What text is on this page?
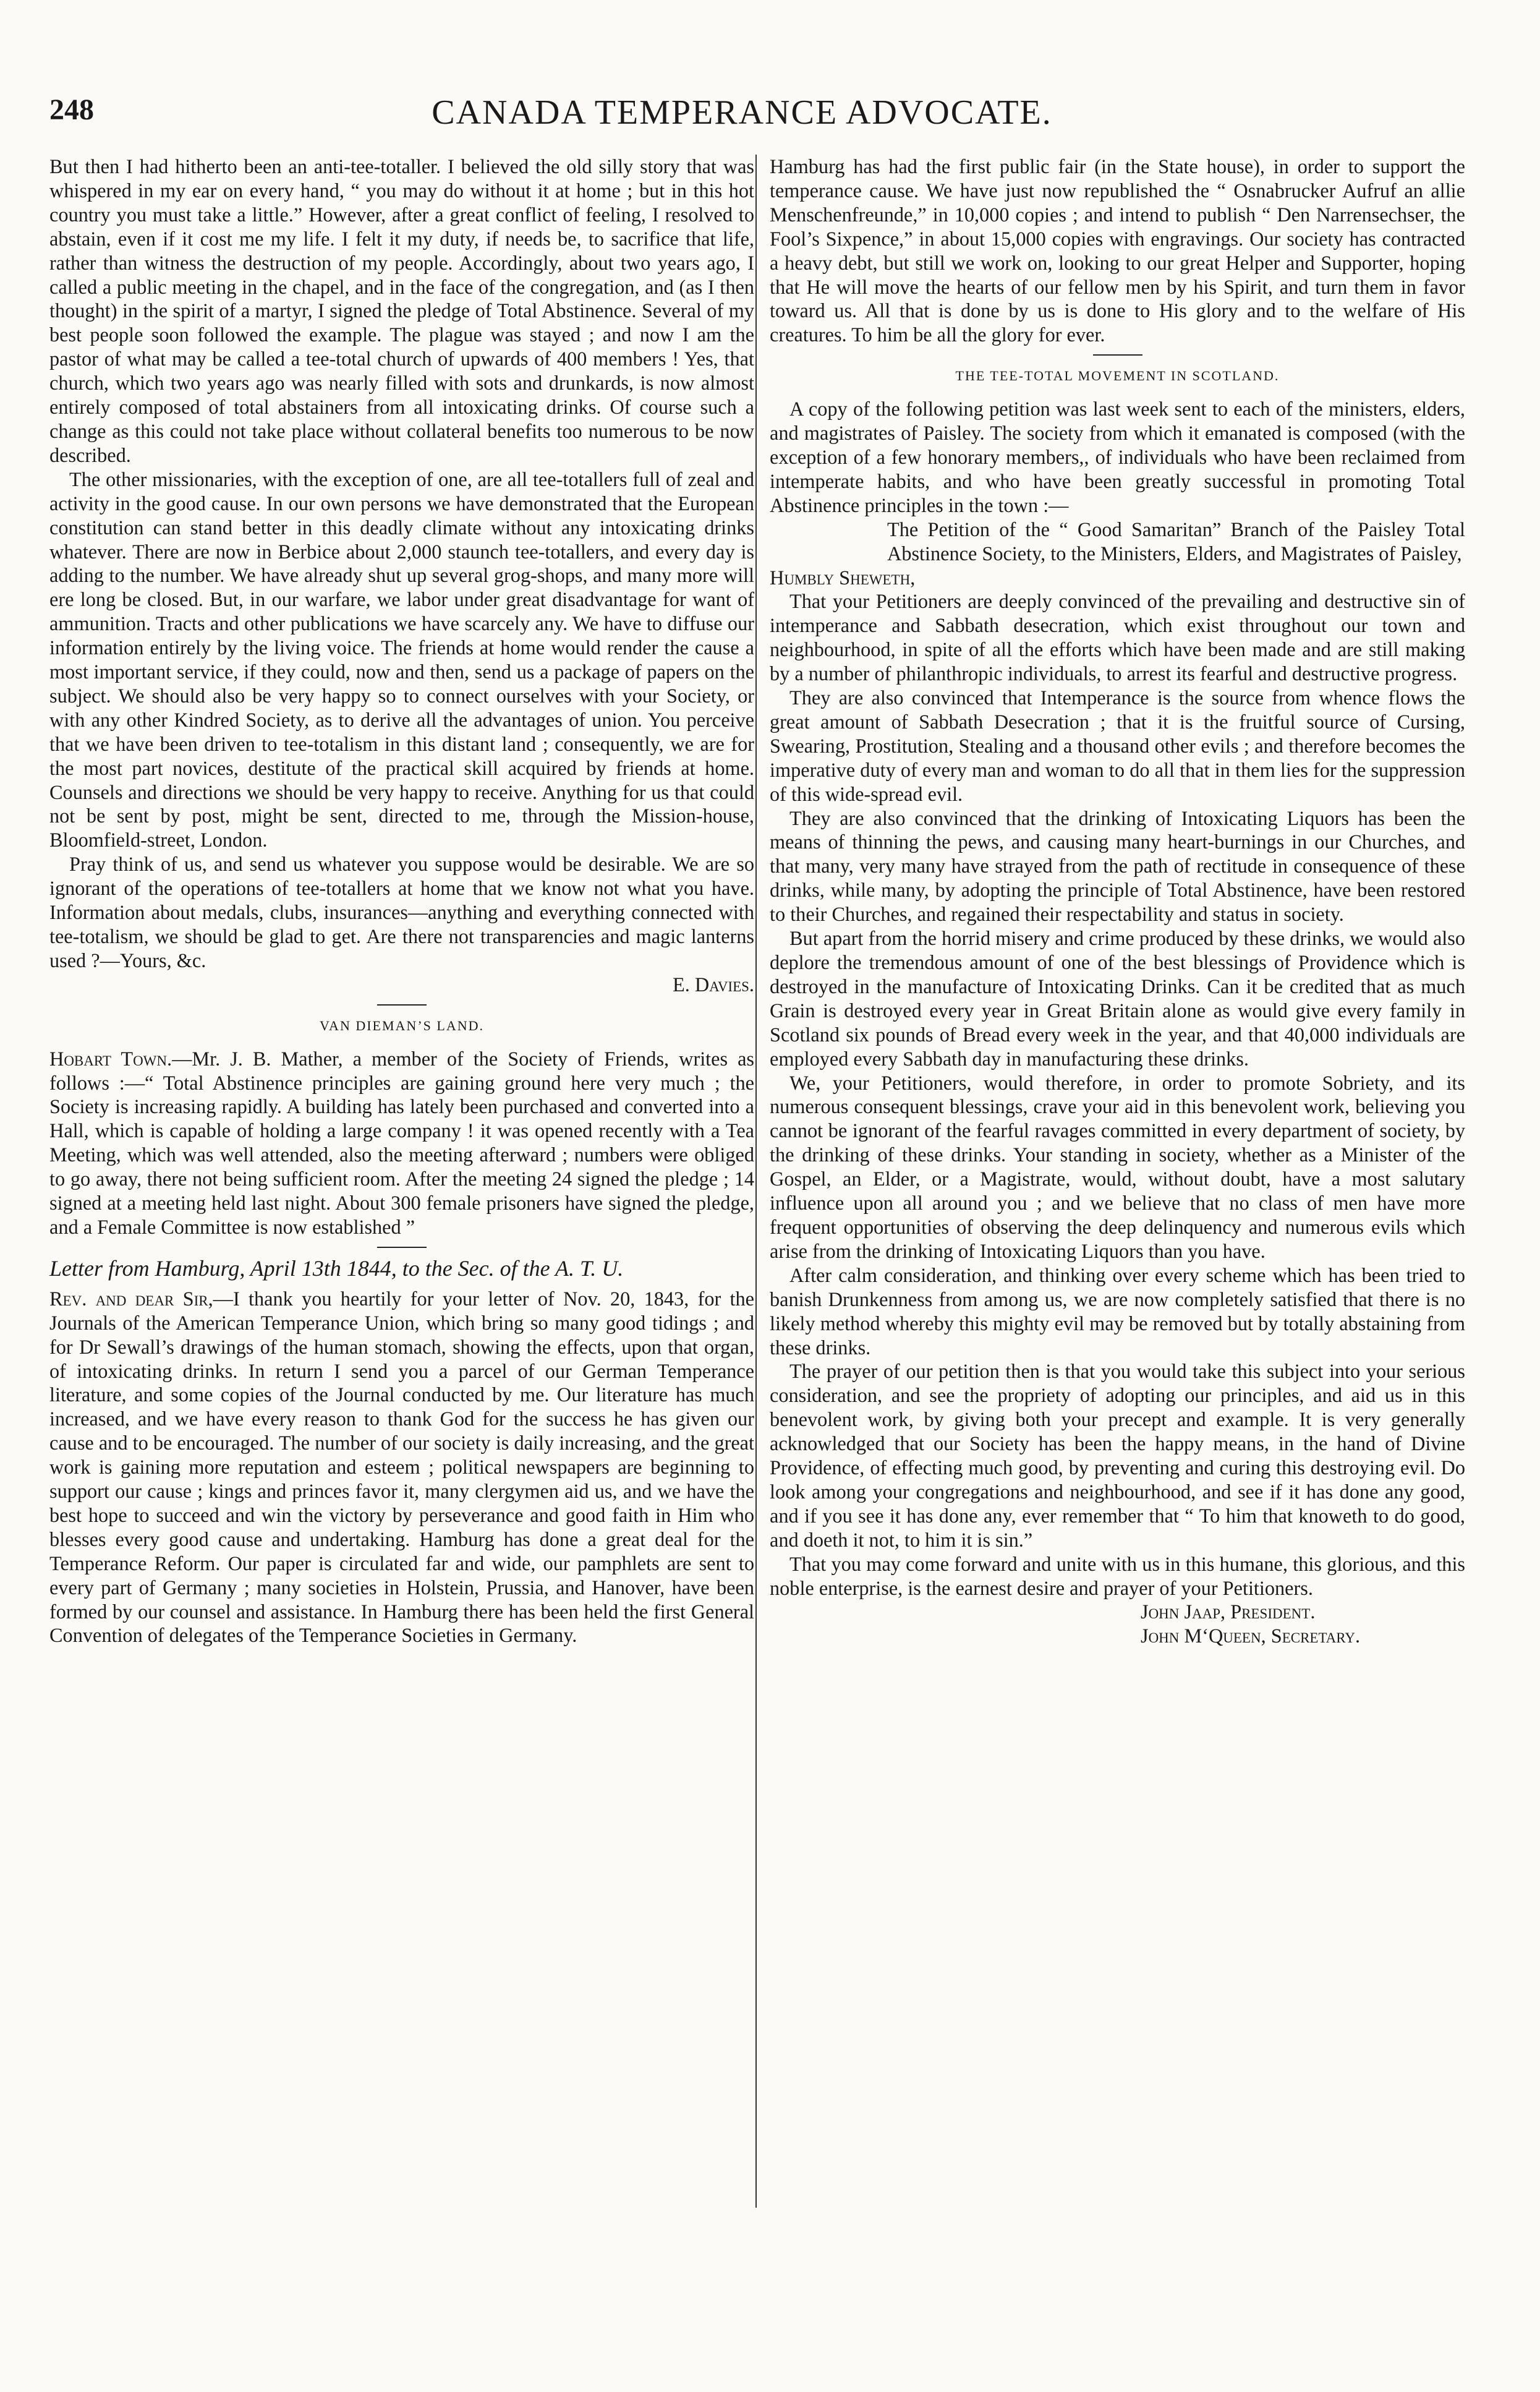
248	CANADA TEMPERANCE ADVOCATE.

But then I had hitherto been an anti-tee-totaller. I believed the old silly story that was whispered in my ear on every hand, “ you may do without it at home ; but in this hot country you must take a little.” However, after a great conflict of feeling, I resolved to abstain, even if it cost me my life. I felt it my duty, if needs be, to sacrifice that life, rather than witness the destruction of my people. Accordingly, about two years ago, I called a public meeting in the chapel, and in the face of the congregation, and (as I then thought) in the spirit of a martyr, I signed the pledge of Total Abstinence. Several of my best people soon followed the example. The plague was stayed ; and now I am the pastor of what may be called a tee-total church of upwards of 400 members ! Yes, that church, which two years ago was nearly filled with sots and drunkards, is now almost entirely composed of total abstainers from all intoxicating drinks. Of course such a change as this could not take place without collateral benefits too numerous to be now described.

The other missionaries, with the exception of one, are all tee-totallers full of zeal and activity in the good cause. In our own persons we have demonstrated that the European constitution can stand better in this deadly climate without any intoxicating drinks whatever. There are now in Berbice about 2,000 staunch tee-totallers, and every day is adding to the number. We have already shut up several grog-shops, and many more will ere long be closed. But, in our warfare, we labor under great disadvantage for want of ammunition. Tracts and other publications we have scarcely any. We have to diffuse our information entirely by the living voice. The friends at home would render the cause a most important service, if they could, now and then, send us a package of papers on the subject. We should also be very happy so to connect ourselves with your Society, or with any other Kindred Society, as to derive all the advantages of union. You perceive that we have been driven to tee-totalism in this distant land ; consequently, we are for the most part novices, destitute of the practical skill acquired by friends at home. Counsels and directions we should be very happy to receive. Anything for us that could not be sent by post, might be sent, directed to me, through the Mission-house, Bloomfield-street, London.

Pray think of us, and send us whatever you suppose would be desirable. We are so ignorant of the operations of tee-totallers at home that we know not what you have. Information about medals, clubs, insurances—anything and everything connected with tee-totalism, we should be glad to get. Are there not transparencies and magic lanterns used ?—Yours, &c.

E. Davies.

VAN DIEMAN’S LAND.

Hobart Town.—Mr. J. B. Mather, a member of the Society of Friends, writes as follows :—“ Total Abstinence principles are gaining ground here very much ; the Society is increasing rapidly. A building has lately been purchased and converted into a Hall, which is capable of holding a large company ! it was opened recently with a Tea Meeting, which was well attended, also the meeting afterward ; numbers were obliged to go away, there not being sufficient room. After the meeting 24 signed the pledge ; 14 signed at a meeting held last night. About 300 female prisoners have signed the pledge, and a Female Committee is now established ”

Letter from Hamburg, April 13th 1844, to the Sec. of the A. T. U.

Rev. and dear Sir,—I thank you heartily for your letter of Nov. 20, 1843, for the Journals of the American Temperance Union, which bring so many good tidings ; and for Dr Sewall’s drawings of the human stomach, showing the effects, upon that organ, of intoxicating drinks. In return I send you a parcel of our German Temperance literature, and some copies of the Journal conducted by me. Our literature has much increased, and we have every reason to thank God for the success he has given our cause and to be encouraged. The number of our society is daily increasing, and the great work is gaining more reputation and esteem ; political newspapers are beginning to support our cause ; kings and princes favor it, many clergymen aid us, and we have the best hope to succeed and win the victory by perseverance and good faith in Him who blesses every good cause and undertaking. Hamburg has done a great deal for the Temperance Reform. Our paper is circulated far and wide, our pamphlets are sent to every part of Germany ; many societies in Holstein, Prussia, and Hanover, have been formed by our counsel and assistance. In Hamburg there has been held the first General Convention of delegates of the Temperance Societies in Germany.

Hamburg has had the first public fair (in the State house), in order to support the temperance cause. We have just now republished the “ Osnabrucker Aufruf an allie Menschenfreunde,” in 10,000 copies ; and intend to publish “ Den Narrensechser, the Fool’s Sixpence,” in about 15,000 copies with engravings. Our society has contracted a heavy debt, but still we work on, looking to our great Helper and Supporter, hoping that He will move the hearts of our fellow men by his Spirit, and turn them in favor toward us. All that is done by us is done to His glory and to the welfare of His creatures. To him be all the glory for ever.

THE TEE-TOTAL MOVEMENT IN SCOTLAND.

A copy of the following petition was last week sent to each of the ministers, elders, and magistrates of Paisley. The society from which it emanated is composed (with the exception of a few honorary members,, of individuals who have been reclaimed from intemperate habits, and who have been greatly successful in promoting Total Abstinence principles in the town :—

The Petition of the “ Good Samaritan” Branch of the Paisley Total Abstinence Society, to the Ministers, Elders, and Magistrates of Paisley,

Humbly Sheweth,

That your Petitioners are deeply convinced of the prevailing and destructive sin of intemperance and Sabbath desecration, which exist throughout our town and neighbourhood, in spite of all the efforts which have been made and are still making by a number of philanthropic individuals, to arrest its fearful and destructive progress.

They are also convinced that Intemperance is the source from whence flows the great amount of Sabbath Desecration ; that it is the fruitful source of Cursing, Swearing, Prostitution, Stealing and a thousand other evils ; and therefore becomes the imperative duty of every man and woman to do all that in them lies for the suppression of this wide-spread evil.

They are also convinced that the drinking of Intoxicating Liquors has been the means of thinning the pews, and causing many heart-burnings in our Churches, and that many, very many have strayed from the path of rectitude in consequence of these drinks, while many, by adopting the principle of Total Abstinence, have been restored to their Churches, and regained their respectability and status in society.

But apart from the horrid misery and crime produced by these drinks, we would also deplore the tremendous amount of one of the best blessings of Providence which is destroyed in the manufacture of Intoxicating Drinks. Can it be credited that as much Grain is destroyed every year in Great Britain alone as would give every family in Scotland six pounds of Bread every week in the year, and that 40,000 individuals are employed every Sabbath day in manufacturing these drinks.

We, your Petitioners, would therefore, in order to promote Sobriety, and its numerous consequent blessings, crave your aid in this benevolent work, believing you cannot be ignorant of the fearful ravages committed in every department of society, by the drinking of these drinks. Your standing in society, whether as a Minister of the Gospel, an Elder, or a Magistrate, would, without doubt, have a most salutary influence upon all around you ; and we believe that no class of men have more frequent opportunities of observing the deep delinquency and numerous evils which arise from the drinking of Intoxicating Liquors than you have.

After calm consideration, and thinking over every scheme which has been tried to banish Drunkenness from among us, we are now completely satisfied that there is no likely method whereby this mighty evil may be removed but by totally abstaining from these drinks.

The prayer of our petition then is that you would take this subject into your serious consideration, and see the propriety of adopting our principles, and aid us in this benevolent work, by giving both your precept and example. It is very generally acknowledged that our Society has been the happy means, in the hand of Divine Providence, of effecting much good, by preventing and curing this destroying evil. Do look among your congregations and neighbourhood, and see if it has done any good, and if you see it has done any, ever remember that “ To him that knoweth to do good, and doeth it not, to him it is sin.”

That you may come forward and unite with us in this humane, this glorious, and this noble enterprise, is the earnest desire and prayer of your Petitioners.

John Jaap, President.

John M‘Queen, Secretary.
